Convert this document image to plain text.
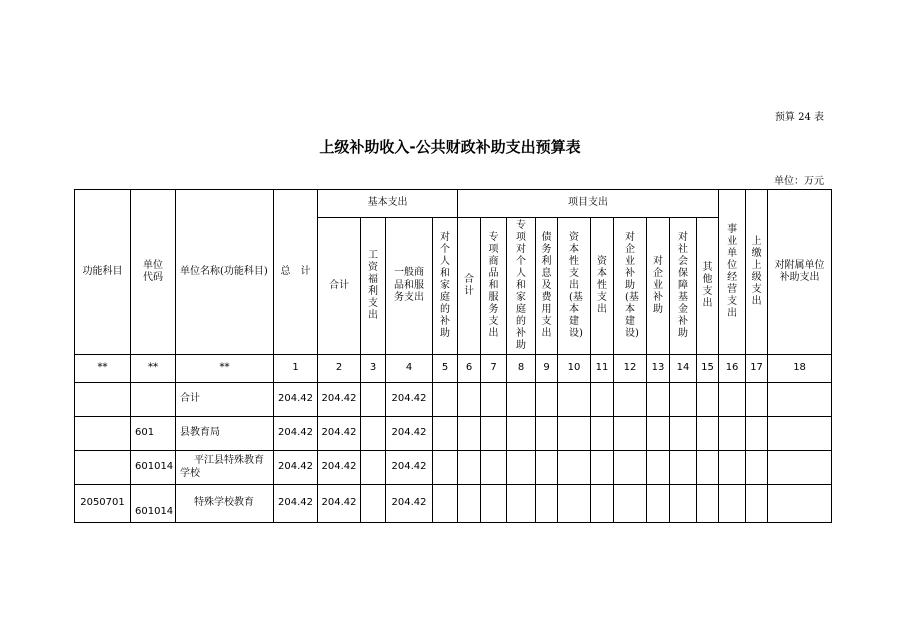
预算 24 表
上级补助收入-公共财政补助支出预算表
单位：万元
功能科目	单位代码	单位名称(功能科目)	总　计	基本支出				项目支出										事业单位经营支出	上缴上级支出	对附属单位补助支出
				合计	工资福利支出	一般商品和服务支出	对个人和家庭的补助	合计	专项商品和服务支出	专项对个人和家庭的补助	债务利息及费用支出	资本性支出(基本建设)	资本性支出	对企业补助(基本建设)	对企业补助	对社会保障基金补助	其他支出			
**	**	**	1	2	3	4	5	6	7	8	9	10	11	12	13	14	15	16	17	18
		合计	204.42	204.42		204.42														
	601	县教育局	204.42	204.42		204.42														
	601014	平江县特殊教育学校	204.42	204.42		204.42														
2050701	601014	特殊学校教育	204.42	204.42		204.42														
